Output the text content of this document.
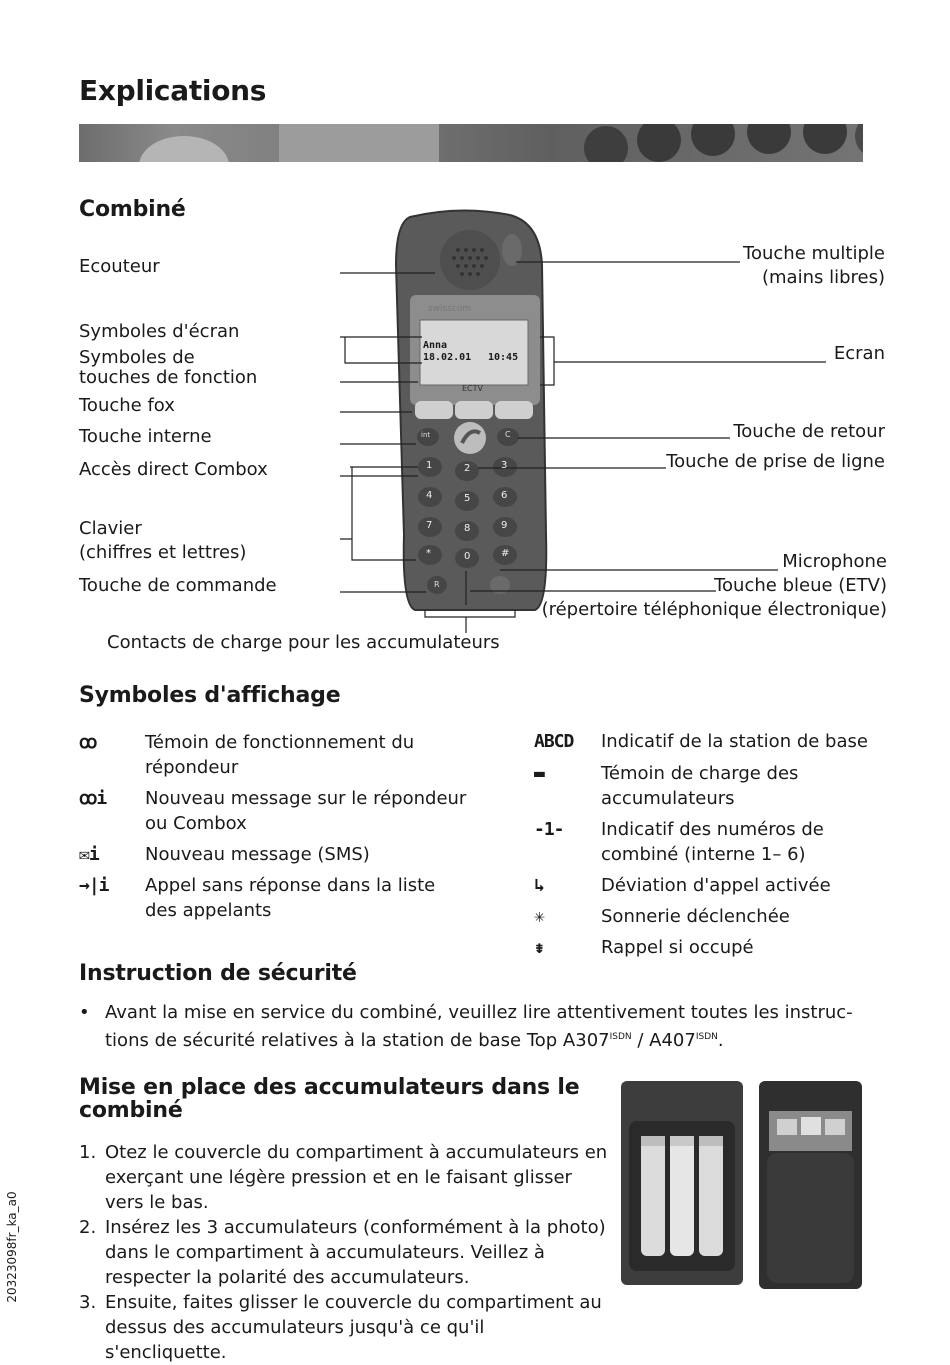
Explications
Combiné
swisscom
Anna
18.02.01 10:45
ECTV
int	C
R
1	2	3
4	5	6
7	8	9
*	0	#
Ecouteur
Symboles d'écran
Symboles de
touches de fonction
Touche fox
Touche interne
Accès direct Combox
Clavier
(chiffres et lettres)
Touche de commande
Touche multiple
(mains libres)
Ecran
Touche de retour
Touche de prise de ligne
Microphone
Touche bleue (ETV)
(répertoire téléphonique électronique)
Contacts de charge pour les accumulateurs
Symboles d'affichage
ꝏ	Témoin de fonctionnement du répondeur
ꝏi Nouveau message sur le répondeur ou Combox
✉i	Nouveau message (SMS)
→|i Appel sans réponse dans la liste des appelants
ABCD Indicatif de la station de base
▬	Témoin de charge des accumulateurs
-1- Indicatif des numéros de combiné (interne 1– 6)
↳	Déviation d'appel activée
✳	Sonnerie déclenchée
⇟	Rappel si occupé
Instruction de sécurité
• Avant la mise en service du combiné, veuillez lire attentivement toutes les instruc-
tions de sécurité relatives à la station de base Top $A307^{ISDN} / A407^{ISDN}$.
Mise en place des accumulateurs dans le
combiné
1. Otez le couvercle du compartiment à accumulateurs en exerçant une légère pression et en le faisant glisser vers le bas.
2. Insérez les 3 accumulateurs (conformément à la photo) dans le compartiment à accumulateurs. Veillez à respecter la polarité des accumulateurs.
3. Ensuite, faites glisser le couvercle du compartiment au dessus des accumulateurs jusqu'à ce qu'il s'encliquette.
20323098fr_ka_a0
